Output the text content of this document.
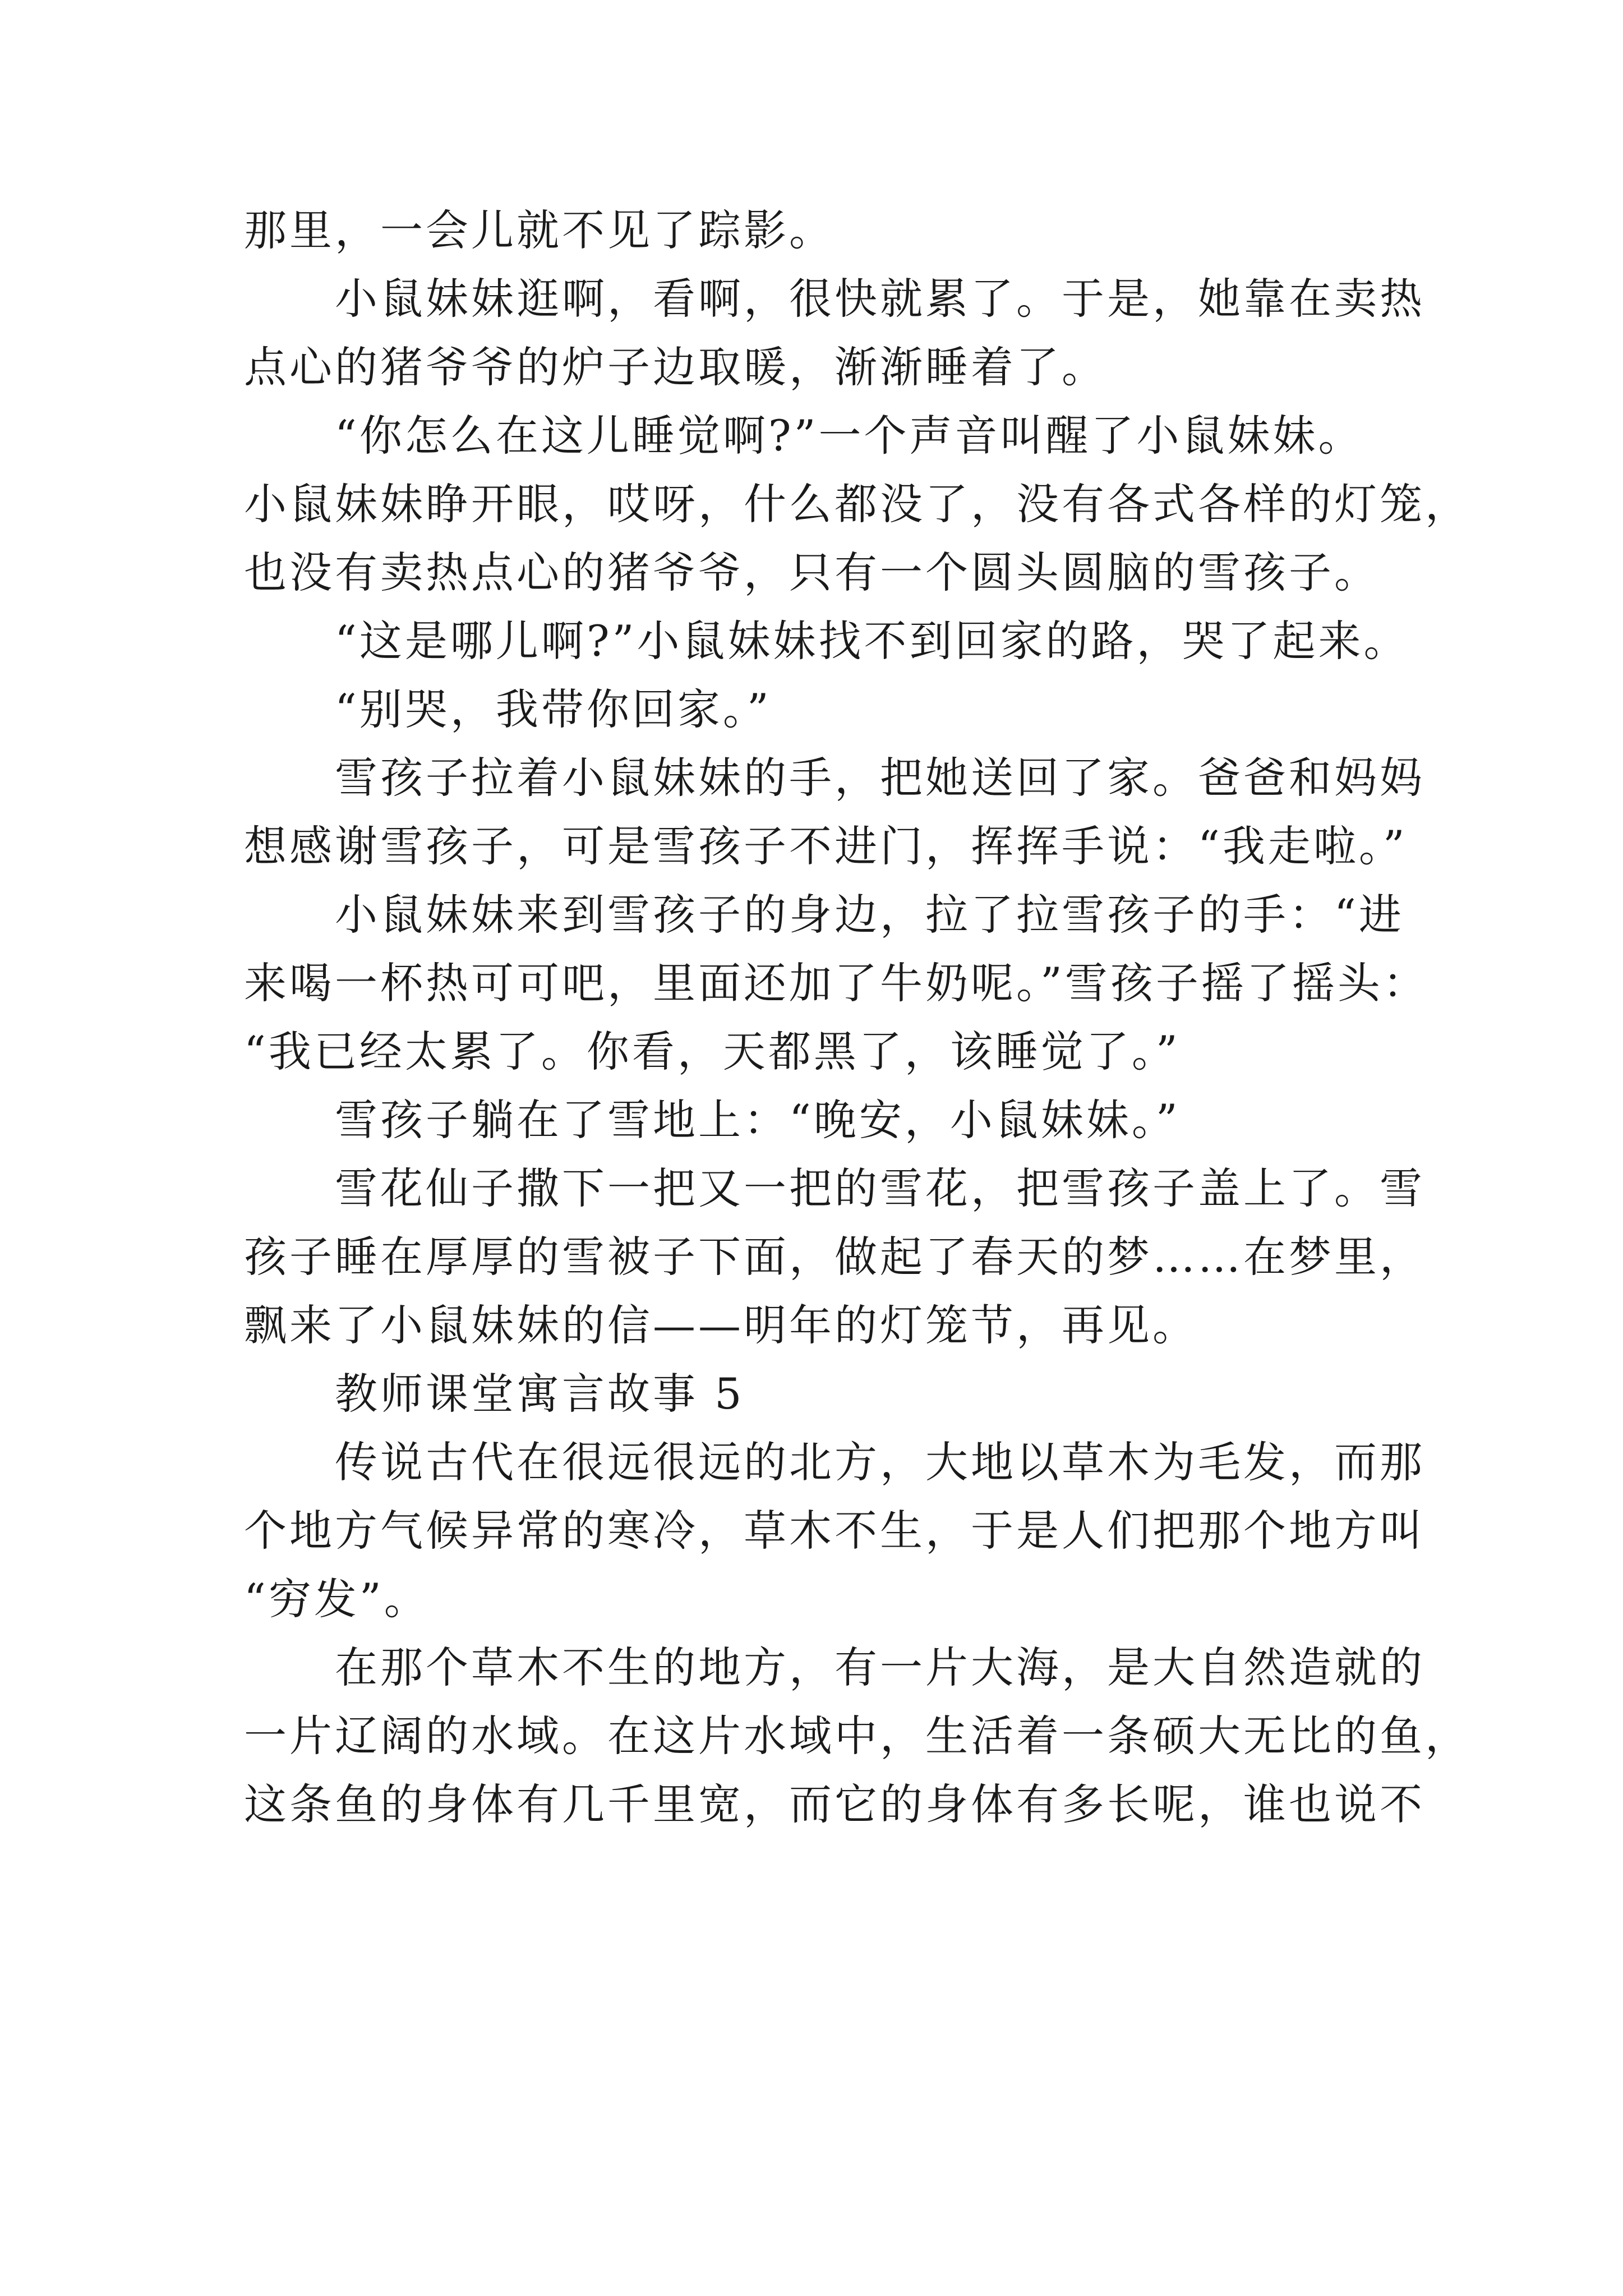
那里，一会儿就不见了踪影。
　　小鼠妹妹逛啊，看啊，很快就累了。于是，她靠在卖热
点心的猪爷爷的炉子边取暖，渐渐睡着了。
　　“你怎么在这儿睡觉啊?”一个声音叫醒了小鼠妹妹。
小鼠妹妹睁开眼，哎呀，什么都没了，没有各式各样的灯笼，
也没有卖热点心的猪爷爷，只有一个圆头圆脑的雪孩子。
　　“这是哪儿啊?”小鼠妹妹找不到回家的路，哭了起来。
　　“别哭，我带你回家。”
　　雪孩子拉着小鼠妹妹的手，把她送回了家。爸爸和妈妈
想感谢雪孩子，可是雪孩子不进门，挥挥手说：“我走啦。”
　　小鼠妹妹来到雪孩子的身边，拉了拉雪孩子的手：“进
来喝一杯热可可吧，里面还加了牛奶呢。”雪孩子摇了摇头：
“我已经太累了。你看，天都黑了，该睡觉了。”
　　雪孩子躺在了雪地上：“晚安，小鼠妹妹。”
　　雪花仙子撒下一把又一把的雪花，把雪孩子盖上了。雪
孩子睡在厚厚的雪被子下面，做起了春天的梦……在梦里，
飘来了小鼠妹妹的信——明年的灯笼节，再见。
　　教师课堂寓言故事 5
　　传说古代在很远很远的北方，大地以草木为毛发，而那
个地方气候异常的寒冷，草木不生，于是人们把那个地方叫
“穷发”。
　　在那个草木不生的地方，有一片大海，是大自然造就的
一片辽阔的水域。在这片水域中，生活着一条硕大无比的鱼，
这条鱼的身体有几千里宽，而它的身体有多长呢，谁也说不
